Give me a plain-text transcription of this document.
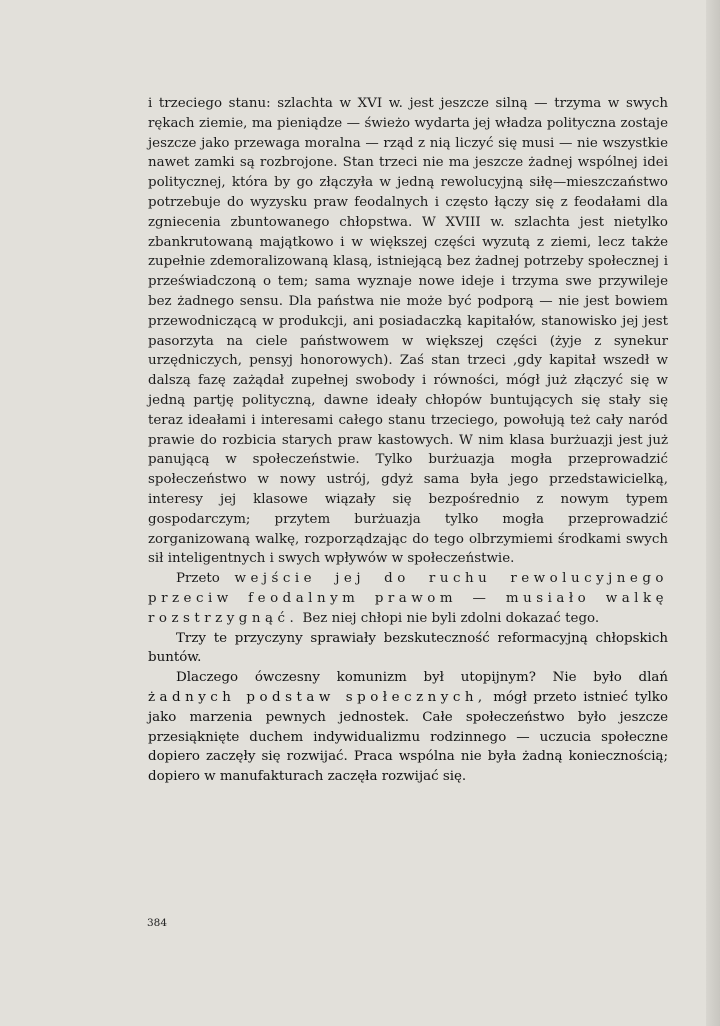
i trzeciego stanu: szlachta w XVI w. jest jeszcze silną — trzyma w swych rękach ziemie, ma pieniądze — świeżo wydarta jej władza polityczna zostaje jeszcze jako przewaga moralna — rząd z nią liczyć się musi — nie wszystkie nawet zamki są rozbrojone. Stan trzeci nie ma jeszcze żadnej wspólnej idei politycznej, która by go złączyła w jedną rewolucyjną siłę—mieszczaństwo potrzebuje do wyzysku praw feodalnych i często łączy się z feodałami dla zgniecenia zbuntowanego chłopstwa. W XVIII w. szlachta jest nietylko zbankrutowaną majątkowo i w większej części wyzutą z ziemi, lecz także zupełnie zdemoralizowaną klasą, istniejącą bez żadnej potrzeby społecznej i przeświadczoną o tem; sama wyznaje nowe ideje i trzyma swe przywileje bez żadnego sensu. Dla państwa nie może być podporą — nie jest bowiem przewodniczącą w produkcji, ani posiadaczką kapitałów, stanowisko jej jest pasorzyta na ciele państwowem w większej części (żyje z synekur urzędniczych, pensyj honorowych). Zaś stan trzeci ,gdy kapitał wszedł w dalszą fazę zażądał zupełnej swobody i równości, mógł już złączyć się w jedną partję polityczną, dawne ideały chłopów buntujących się stały się teraz ideałami i interesami całego stanu trzeciego, powołują też cały naród prawie do rozbicia starych praw kastowych. W nim klasa burżuazji jest już panującą w społeczeństwie. Tylko burżuazja mogła przeprowadzić społeczeństwo w nowy ustrój, gdyż sama była jego przedstawicielką, interesy jej klasowe wiązały się bezpośrednio z nowym typem gospodarczym; przytem burżuazja tylko mogła przeprowadzić zorganizowaną walkę, rozporządzając do tego olbrzymiemi środkami swych sił inteligentnych i swych wpływów w społeczeństwie.

Przeto wejście jej do ruchu rewolucyjnego przeciw feodalnym prawom — musiało walkę rozstrzygnąć. Bez niej chłopi nie byli zdolni dokazać tego.

Trzy te przyczyny sprawiały bezskuteczność reformacyjną chłopskich buntów.

Dlaczego ówczesny komunizm był utopijnym? Nie było dlań żadnych podstaw społecznych, mógł przeto istnieć tylko jako marzenia pewnych jednostek. Całe społeczeństwo było jeszcze przesiąknięte duchem indywidualizmu rodzinnego — uczucia społeczne dopiero zaczęły się rozwijać. Praca wspólna nie była żadną koniecznością; dopiero w manufakturach zaczęła rozwijać się.

384
